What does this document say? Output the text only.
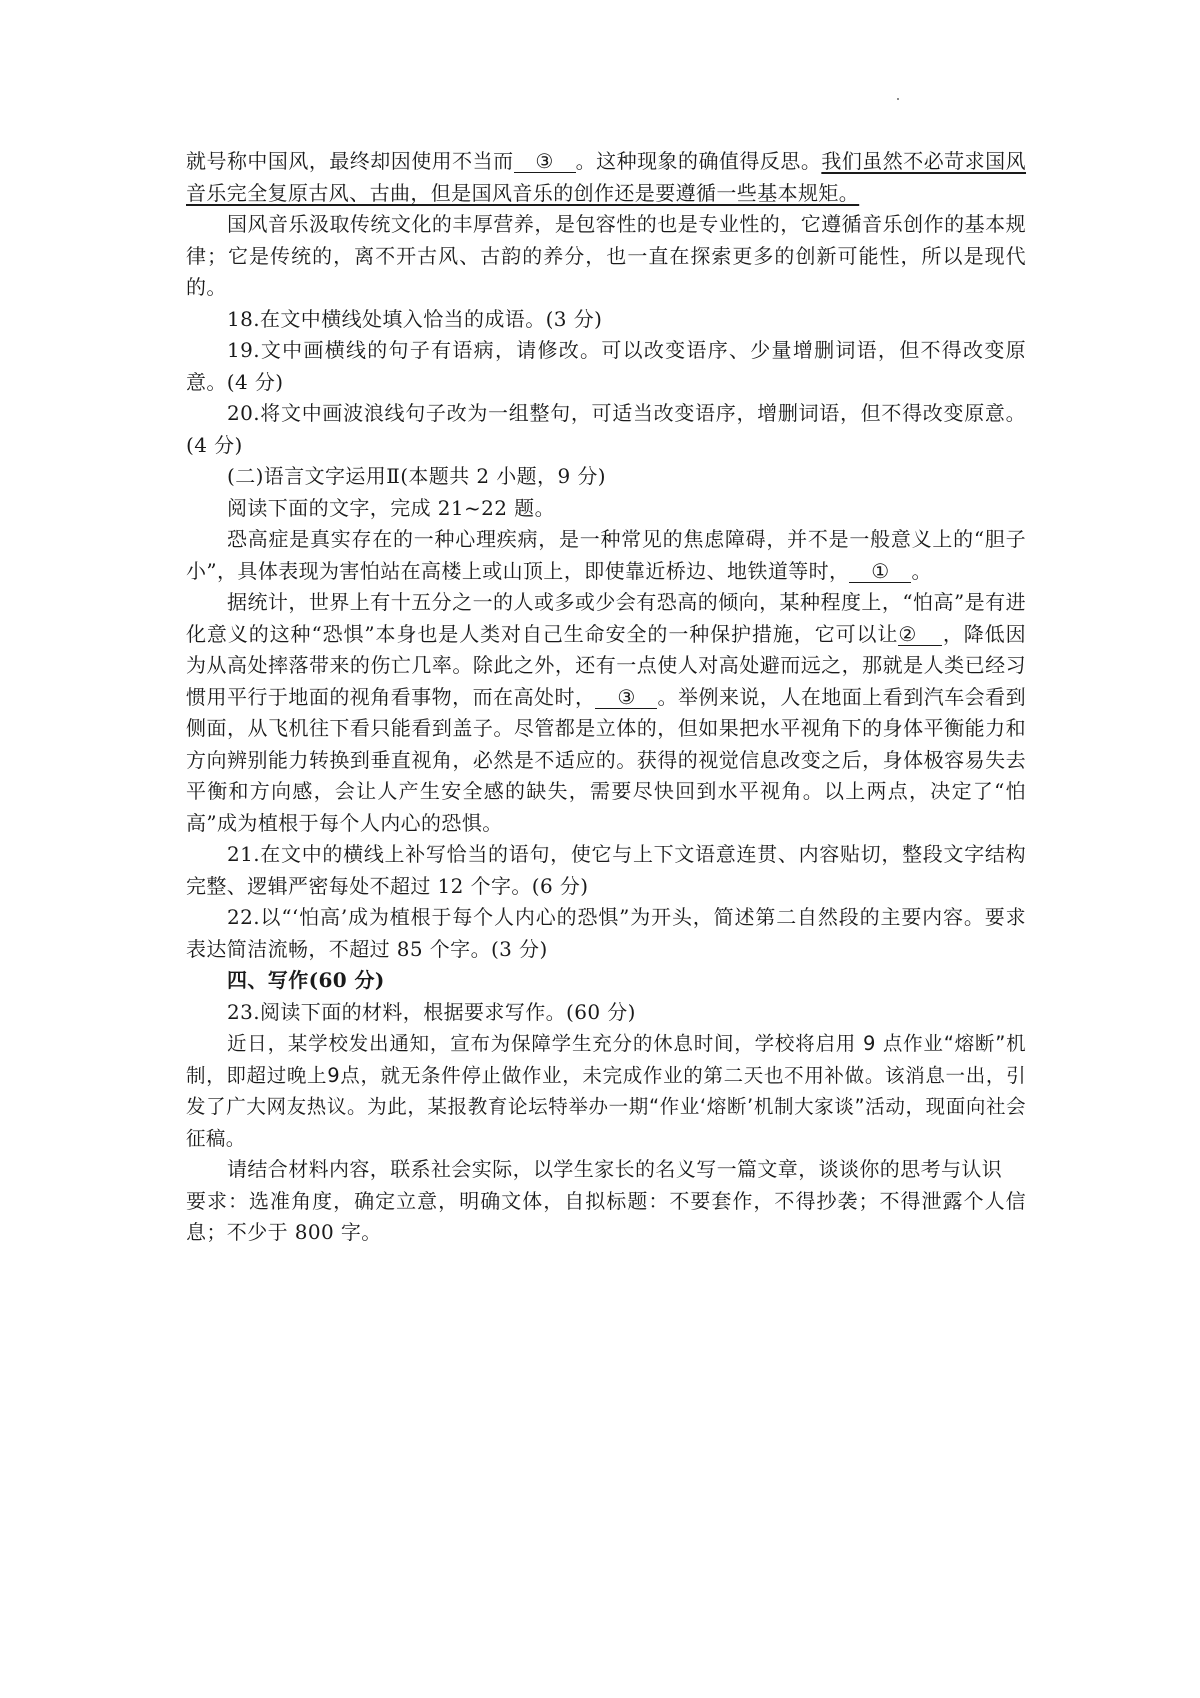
就号称中国风，最终却因使用不当而 ③ 。这种现象的确值得反思。我们虽然不必苛求国风音乐完全复原古风、古曲，但是国风音乐的创作还是要遵循一些基本规矩。

国风音乐汲取传统文化的丰厚营养，是包容性的也是专业性的，它遵循音乐创作的基本规律；它是传统的，离不开古风、古韵的养分，也一直在探索更多的创新可能性，所以是现代的。

18.在文中横线处填入恰当的成语。(3 分)

19.文中画横线的句子有语病，请修改。可以改变语序、少量增删词语，但不得改变原意。(4 分)

20.将文中画波浪线句子改为一组整句，可适当改变语序，增删词语，但不得改变原意。(4 分)

(二)语言文字运用Ⅱ(本题共 2 小题，9 分)

阅读下面的文字，完成 21~22 题。

恐高症是真实存在的一种心理疾病，是一种常见的焦虑障碍，并不是一般意义上的“胆子小”，具体表现为害怕站在高楼上或山顶上，即使靠近桥边、地铁道等时， ① 。

据统计，世界上有十五分之一的人或多或少会有恐高的倾向，某种程度上，“怕高”是有进化意义的这种“恐惧”本身也是人类对自己生命安全的一种保护措施，它可以让② ，降低因为从高处摔落带来的伤亡几率。除此之外，还有一点使人对高处避而远之，那就是人类已经习惯用平行于地面的视角看事物，而在高处时， ③ 。举例来说，人在地面上看到汽车会看到侧面，从飞机往下看只能看到盖子。尽管都是立体的，但如果把水平视角下的身体平衡能力和方向辨别能力转换到垂直视角，必然是不适应的。获得的视觉信息改变之后，身体极容易失去平衡和方向感，会让人产生安全感的缺失，需要尽快回到水平视角。以上两点，决定了“怕高”成为植根于每个人内心的恐惧。

21.在文中的横线上补写恰当的语句，使它与上下文语意连贯、内容贴切，整段文字结构完整、逻辑严密每处不超过 12 个字。(6 分)

22.以“‘怕高’成为植根于每个人内心的恐惧”为开头，简述第二自然段的主要内容。要求表达简洁流畅，不超过 85 个字。(3 分)

四、写作(60 分)

23.阅读下面的材料，根据要求写作。(60 分)

近日，某学校发出通知，宣布为保障学生充分的休息时间，学校将启用 9 点作业“熔断”机制，即超过晚上9点，就无条件停止做作业，未完成作业的第二天也不用补做。该消息一出，引发了广大网友热议。为此，某报教育论坛特举办一期“作业‘熔断’机制大家谈”活动，现面向社会征稿。

请结合材料内容，联系社会实际，以学生家长的名义写一篇文章，谈谈你的思考与认识

要求：选准角度，确定立意，明确文体，自拟标题：不要套作，不得抄袭；不得泄露个人信息；不少于 800 字。
